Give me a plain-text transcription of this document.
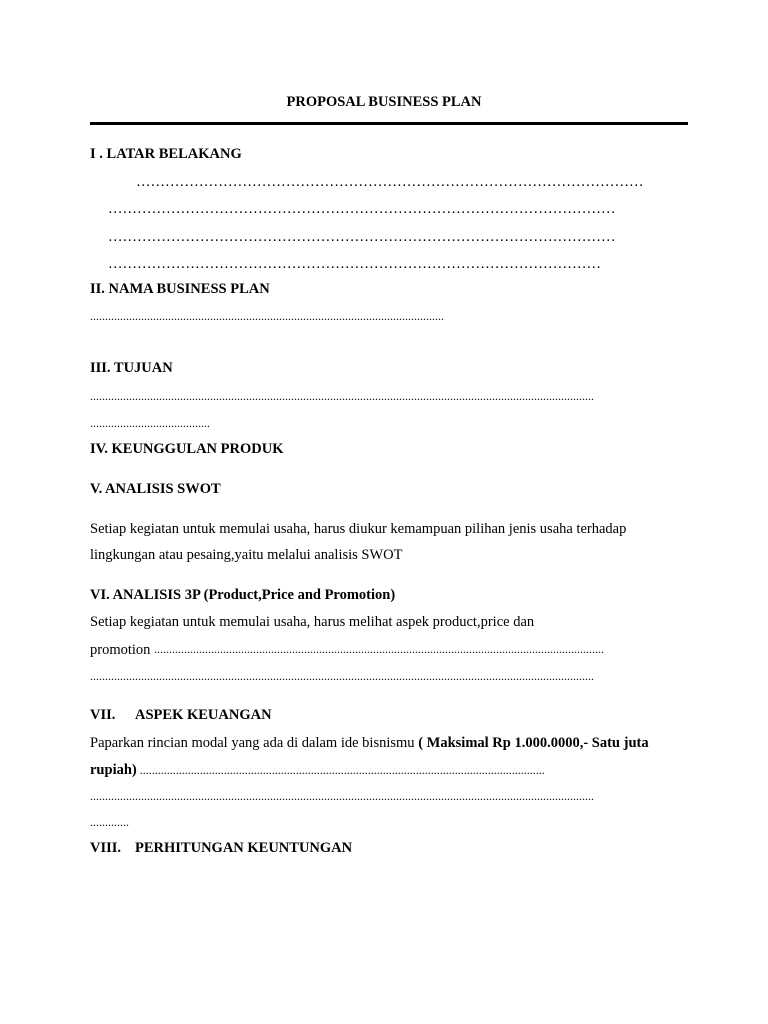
PROPOSAL BUSINESS PLAN
I . LATAR BELAKANG
……………………………………………………………………………………………
……………………………………………………………………………………………
……………………………………………………………………………………………
…………………………………………………………………………………………
II. NAMA BUSINESS PLAN
......................................................................................................................
III. TUJUAN
........................................................................................................................................................................
........................................
IV. KEUNGGULAN PRODUK
V. ANALISIS SWOT
Setiap kegiatan untuk memulai usaha, harus diukur kemampuan pilihan jenis usaha terhadap
lingkungan atau pesaing,yaitu melalui analisis SWOT
VI. ANALISIS 3P (Product,Price and Promotion)
Setiap kegiatan untuk memulai usaha, harus melihat aspek product,price dan
promotion ......................................................................................................................................................
........................................................................................................................................................................
VII. ASPEK KEUANGAN
Paparkan rincian modal yang ada di dalam ide bisnismu ( Maksimal Rp 1.000.0000,- Satu juta
rupiah) .......................................................................................................................................
........................................................................................................................................................................
.............
VIII. PERHITUNGAN KEUNTUNGAN
